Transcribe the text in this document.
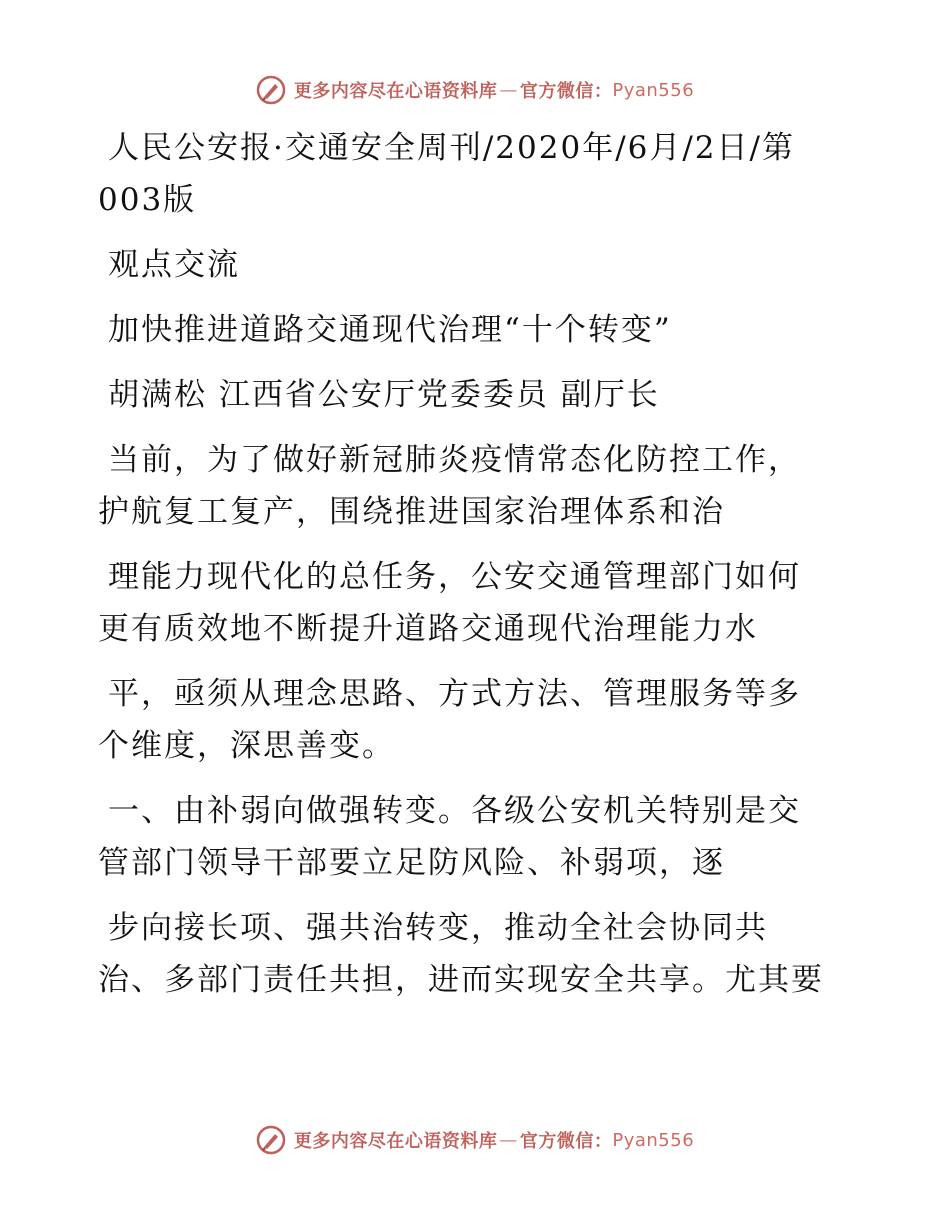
更多内容尽在心语资料库 — 官方微信： Pyan556

人民公安报·交通安全周刊/2020年/6月/2日/第
003版

观点交流

加快推进道路交通现代治理“十个转变”

胡满松 江西省公安厅党委委员 副厅长

当前，为了做好新冠肺炎疫情常态化防控工作，
护航复工复产，围绕推进国家治理体系和治

理能力现代化的总任务，公安交通管理部门如何
更有质效地不断提升道路交通现代治理能力水

平，亟须从理念思路、方式方法、管理服务等多
个维度，深思善变。

一、由补弱向做强转变。各级公安机关特别是交
管部门领导干部要立足防风险、补弱项，逐

步向接长项、强共治转变，推动全社会协同共
治、多部门责任共担，进而实现安全共享。尤其要

更多内容尽在心语资料库 — 官方微信： Pyan556
